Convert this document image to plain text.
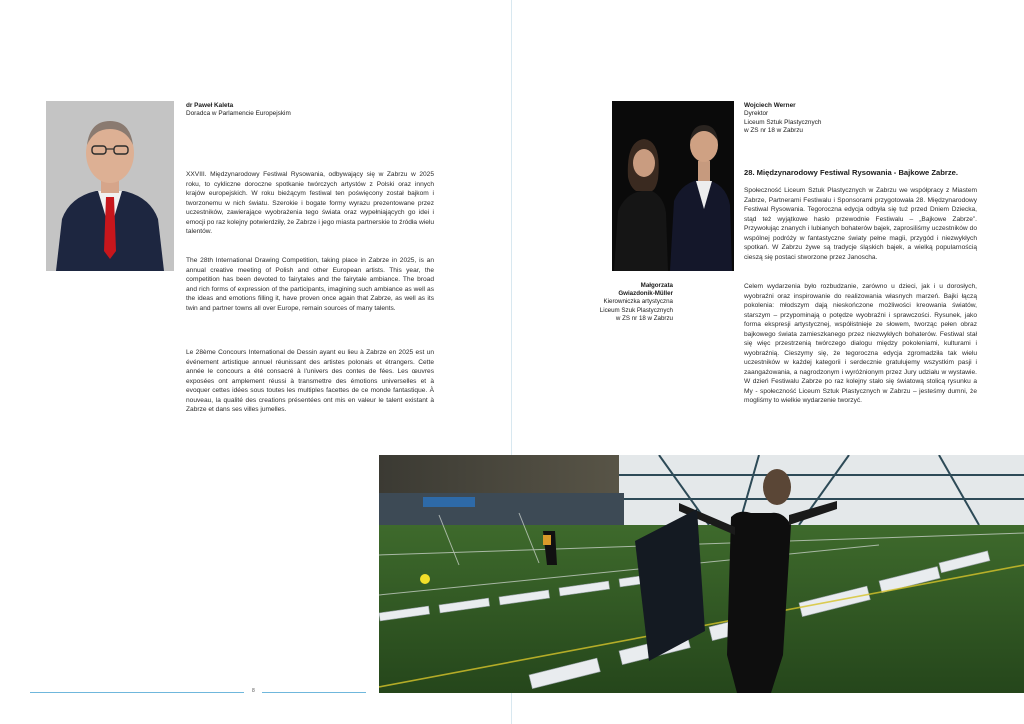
dr Paweł Kaleta
Doradca w Parlamencie Europejskim

XXVIII. Międzynarodowy Festiwal Rysowania, odbywający się w Zabrzu w 2025 roku, to cykliczne doroczne spotkanie twórczych artystów z Polski oraz innych krajów europejskich. W roku bieżącym festiwal ten poświęcony został bajkom i tworzonemu w nich światu. Szerokie i bogate formy wyrazu prezentowane przez uczestników, zawierające wyobrażenia tego świata oraz wypełniających go idei i emocji po raz kolejny potwierdziły, że Zabrze i jego miasta partnerskie to źródła wielu talentów.

The 28th International Drawing Competition, taking place in Zabrze in 2025, is an annual creative meeting of Polish and other European artists. This year, the competition has been devoted to fairytales and the fairytale ambiance. The broad and rich forms of expression of the participants, imagining such ambiance as well as the ideas and emotions filling it, have proven once again that Zabrze, as well as its twin and partner towns all over Europe, remain sources of many talents.

Le 28ème Concours International de Dessin ayant eu lieu à Zabrze en 2025 est un événement artistique annuel réunissant des artistes polonais et étrangers. Cette année le concours a été consacré à l'univers des contes de fées. Les œuvres exposées ont amplement réussi à transmettre des émotions universelles et à evoquer cettes idées sous toutes les multiples facettes de ce monde fantastique. À nouveau, la qualité des creations présentées ont mis en valeur le talent existant à Zabrze et dans ses villes jumelles.

8
Wojciech Werner
Dyrektor
Liceum Sztuk Plastycznych
w ZS nr 18 w Zabrzu
Małgorzata
Gwiazdonik-Müller
Kierowniczka artystyczna
Liceum Szuk Plastycznych
w ZS nr 18 w Zabrzu
28. Międzynarodowy Festiwal Rysowania - Bajkowe Zabrze.

Społeczność Liceum Sztuk Plastycznych w Zabrzu we współpracy z Miastem Zabrze, Partnerami Festiwalu i Sponsorami przygotowała 28. Międzynarodowy Festiwal Rysowania. Tegoroczna edycja odbyła się tuż przed Dniem Dziecka, stąd też wyjątkowe hasło przewodnie Festiwalu – „Bajkowe Zabrze”. Przywołując znanych i lubianych bohaterów bajek, zaprosiliśmy uczestników do wspólnej podróży w fantastyczne światy pełne magii, przygód i niezwykłych spotkań. W Zabrzu żywe są tradycje śląskich bajek, a wielką popularnością cieszą się postaci stworzone przez Janoscha.

Celem wydarzenia było rozbudzanie, zarówno u dzieci, jak i u dorosłych, wyobraźni oraz inspirowanie do realizowania własnych marzeń. Bajki łączą pokolenia: młodszym dają nieskończone możliwości kreowania światów, starszym – przypominają o potędze wyobraźni i sprawczości. Rysunek, jako forma ekspresji artystycznej, współistnieje ze słowem, tworząc pełen obraz bajkowego świata zamieszkanego przez niezwykłych bohaterów. Festiwal stał się więc przestrzenią twórczego dialogu między pokoleniami, kulturami i wyobraźnią. Cieszymy się, że tegoroczna edycja zgromadziła tak wielu uczestników w każdej kategorii i serdecznie gratulujemy wszystkim pasji i zaangażowania, a nagrodzonym i wyróżnionym przez Jury udziału w wystawie. W dzień Festiwalu Zabrze po raz kolejny stało się światową stolicą rysunku a My - społeczność Liceum Sztuk Plastycznych w Zabrzu – jesteśmy dumni, że mogliśmy to wielkie wydarzenie tworzyć.
